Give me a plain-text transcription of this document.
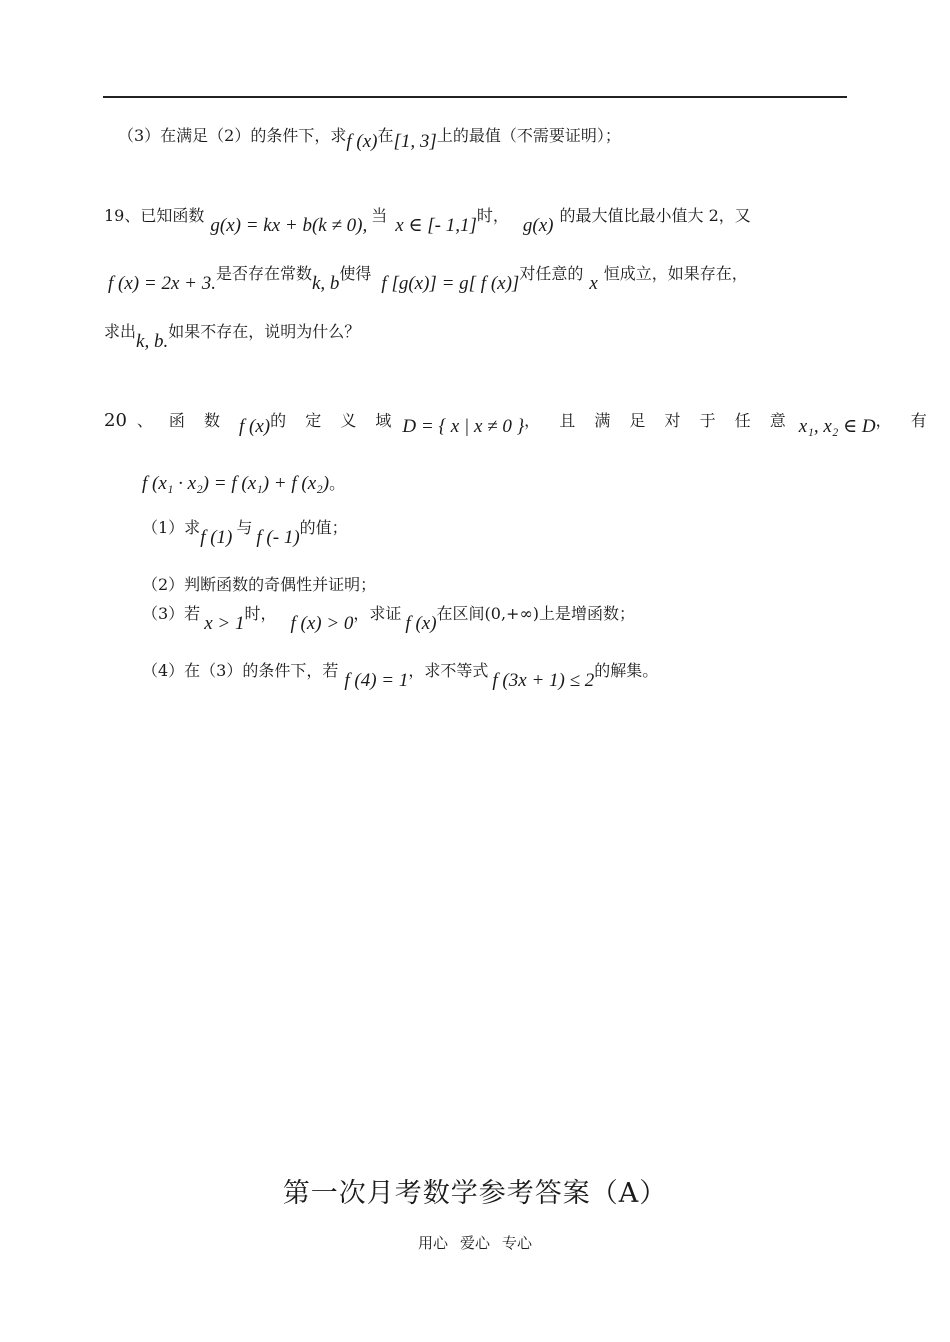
（3）在满足（2）的条件下，求f (x)在[1, 3]上的最值（不需要证明）；
19、已知函数 g(x) = kx + b(k ≠ 0), 当 x ∈ [- 1,1]时， g(x) 的最大值比最小值大 2，又
f (x) = 2x + 3.是否存在常数k, b使得 f [g(x)] = g[ f (x)]对任意的 x 恒成立，如果存在，
求出k, b.如果不存在，说明为什么？
20 、 函 数 f (x)的 定 义 域 D = { x | x ≠ 0 }， 且 满 足 对 于 任 意 x₁, x₂ ∈ D， 有
f (x₁ · x₂) = f (x₁) + f (x₂)。
（1）求f (1) 与 f (- 1)的值；
（2）判断函数的奇偶性并证明；
（3）若 x > 1时， f (x) > 0，求证 f (x)在区间(0,+∞)上是增函数；
（4）在（3）的条件下，若 f (4) = 1，求不等式 f (3x + 1) ≤ 2的解集。
第一次月考数学参考答案（A）
用心 爱心 专心
